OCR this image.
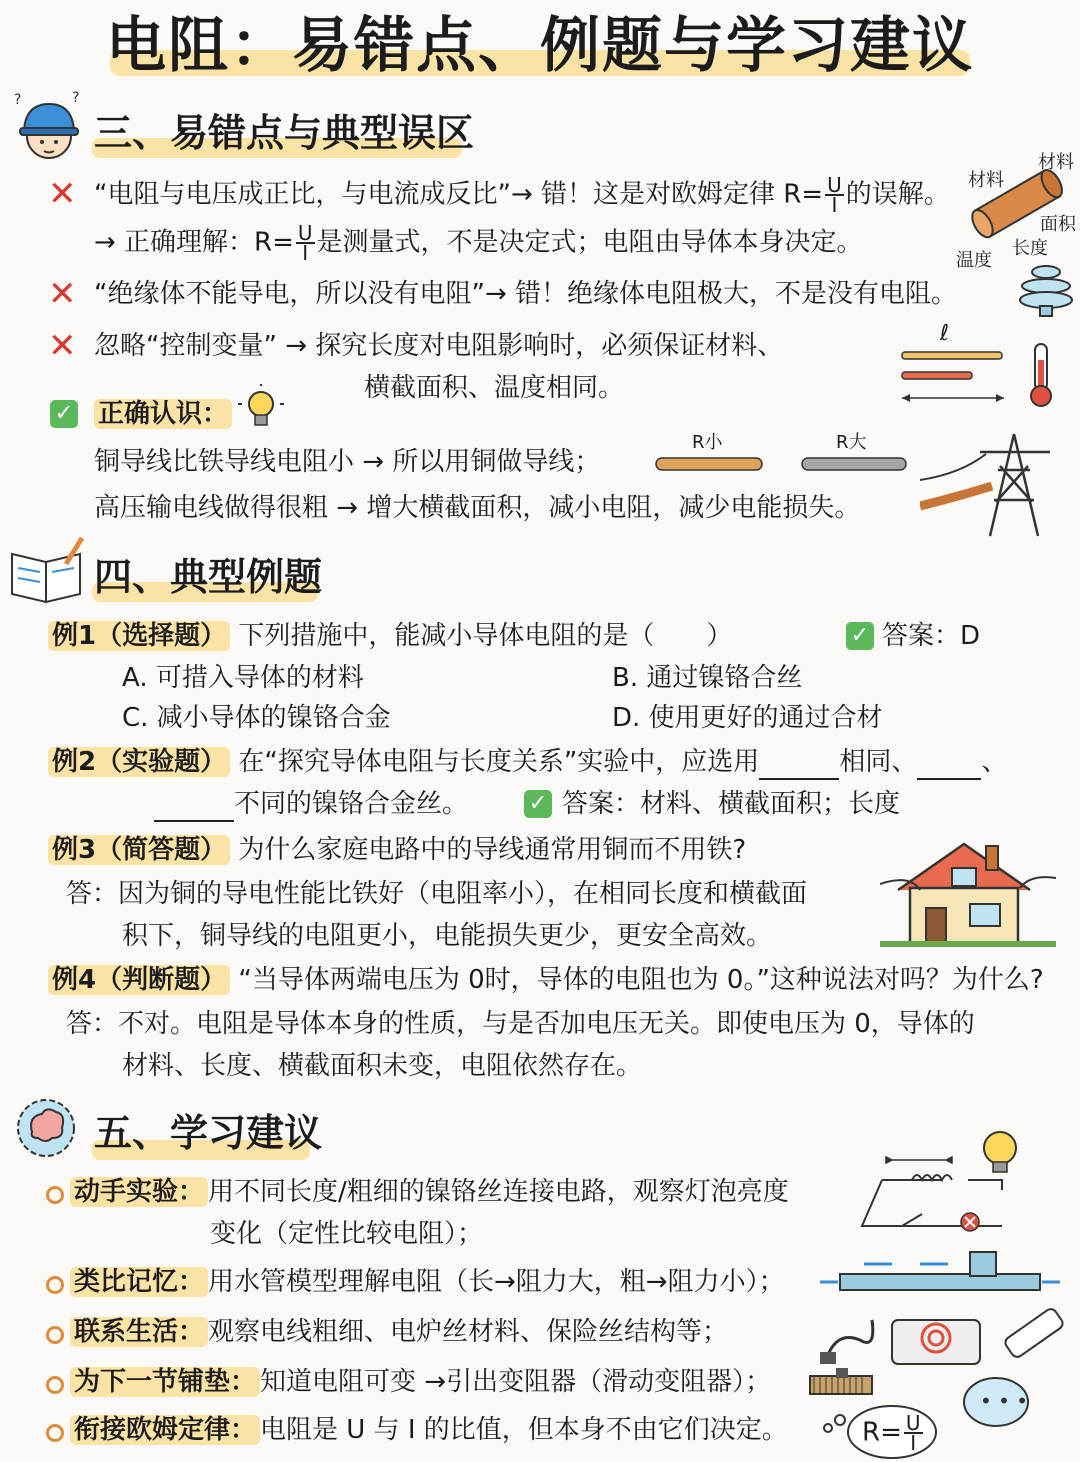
电阻：易错点、例题与学习建议
?	?
三、易错点与典型误区
✕ “电阻与电压成正比，与电流成反比”→ 错！这是对欧姆定律 $R= \frac{U}{I}$ 的误解。
→ 正确理解：$R= \frac{U}{I}$ 是测量式，不是决定式；电阻由导体本身决定。
材料
材料
面积
长度
温度
✕ “绝缘体不能导电，所以没有电阻”→ 错！绝缘体电阻极大，不是没有电阻。
✕ 忽略“控制变量” → 探究长度对电阻影响时，必须保证材料、
横截面积、温度相同。
ℓ
✓ 正确认识：
铜导线比铁导线电阻小 → 所以用铜做导线；
高压输电线做得很粗 → 增大横截面积，减小电阻，减少电能损失。
R小	R大
四、典型例题
例1（选择题） 下列措施中，能减小导体电阻的是（　　）	✓ 答案：D
A. 可措入导体的材料	B. 通过镍铬合丝
C. 减小导体的镍铬合金	D. 使用更好的通过合材
例2（实验题） 在“探究导体电阻与长度关系”实验中，应选用	相同、 、
不同的镍铬合金丝。	✓ 答案：材料、横截面积；长度
例3（简答题） 为什么家庭电路中的导线通常用铜而不用铁?
答：因为铜的导电性能比铁好（电阻率小），在相同长度和横截面
积下，铜导线的电阻更小，电能损失更少，更安全高效。
例4（判断题） “当导体两端电压为 0时，导体的电阻也为 0。”这种说法对吗？为什么?
答：不对。电阻是导体本身的性质，与是否加电压无关。即使电压为 0，导体的
材料、长度、横截面积未变，电阻依然存在。
五、学习建议
动手实验： 用不同长度/粗细的镍铬丝连接电路，观察灯泡亮度
变化（定性比较电阻）；
类比记忆： 用水管模型理解电阻（长→阻力大，粗→阻力小）；
联系生活： 观察电线粗细、电炉丝材料、保险丝结构等；
为下一节铺垫： 知道电阻可变 →引出变阻器（滑动变阻器）；
衔接欧姆定律： 电阻是 U 与 I 的比值，但本身不由它们决定。
• • •
$R= \frac{U}{I}$
